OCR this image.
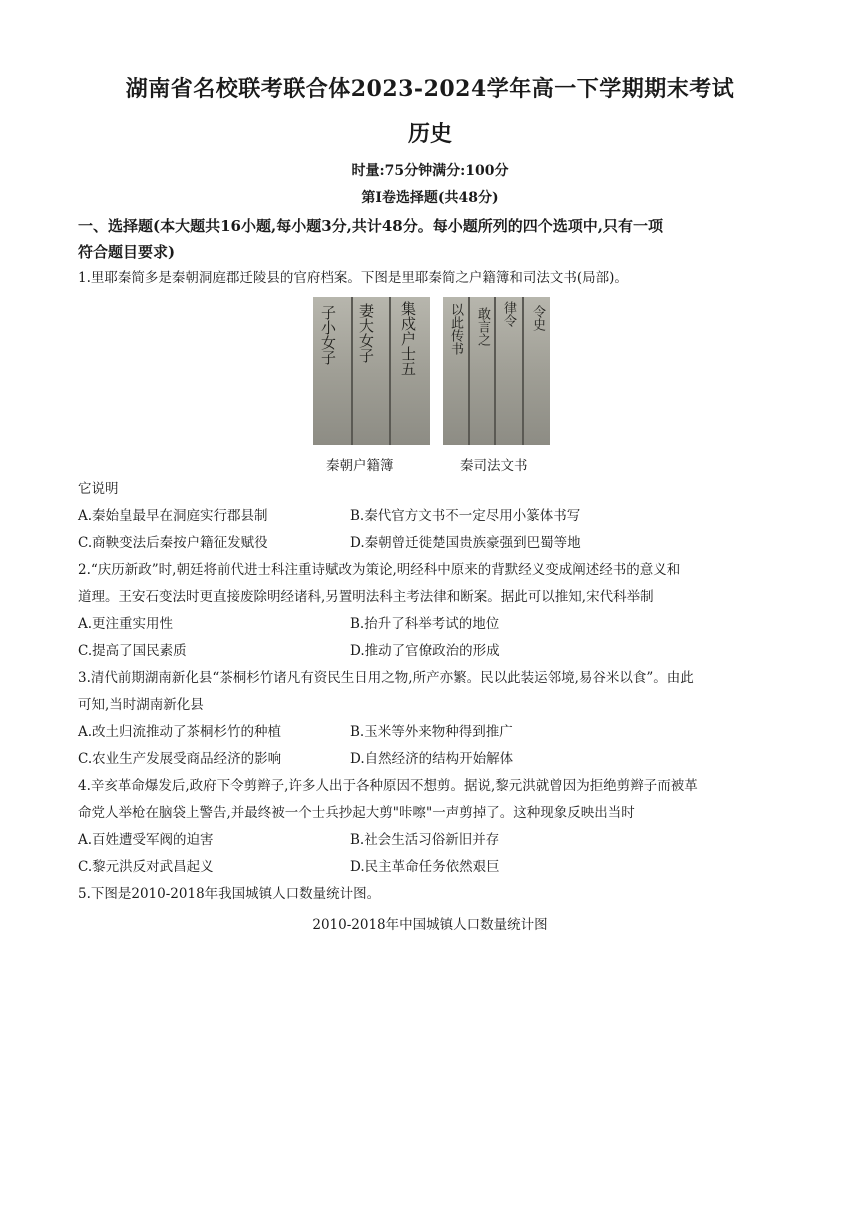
湖南省名校联考联合体2023-2024学年高一下学期期末考试
历史
时量:75分钟满分:100分
第Ⅰ卷选择题(共48分)
一、选择题(本大题共16小题,每小题3分,共计48分。每小题所列的四个选项中,只有一项
符合题目要求)
1.里耶秦简多是秦朝洞庭郡迁陵县的官府档案。下图是里耶秦简之户籍簿和司法文书(局部)。
子小女子 妻大女子 集戍户士五 以此传书 敢言之 律令 令史
秦朝户籍簿	秦司法文书
它说明
A.秦始皇最早在洞庭实行郡县制	B.秦代官方文书不一定尽用小篆体书写
C.商鞅变法后秦按户籍征发赋役	D.秦朝曾迁徙楚国贵族豪强到巴蜀等地
2.“庆历新政”时,朝廷将前代进士科注重诗赋改为策论,明经科中原来的背默经义变成阐述经书的意义和
道理。王安石变法时更直接废除明经诸科,另置明法科主考法律和断案。据此可以推知,宋代科举制
A.更注重实用性	B.抬升了科举考试的地位
C.提高了国民素质	D.推动了官僚政治的形成
3.清代前期湖南新化县“茶桐杉竹诸凡有资民生日用之物,所产亦繁。民以此装运邻境,易谷米以食”。由此
可知,当时湖南新化县
A.改土归流推动了茶桐杉竹的种植	B.玉米等外来物种得到推广
C.农业生产发展受商品经济的影响	D.自然经济的结构开始解体
4.辛亥革命爆发后,政府下令剪辫子,许多人出于各种原因不想剪。据说,黎元洪就曾因为拒绝剪辫子而被革
命党人举枪在脑袋上警告,并最终被一个士兵抄起大剪"咔嚓"一声剪掉了。这种现象反映出当时
A.百姓遭受军阀的迫害	B.社会生活习俗新旧并存
C.黎元洪反对武昌起义	D.民主革命任务依然艰巨
5.下图是2010-2018年我国城镇人口数量统计图。
2010-2018年中国城镇人口数量统计图
